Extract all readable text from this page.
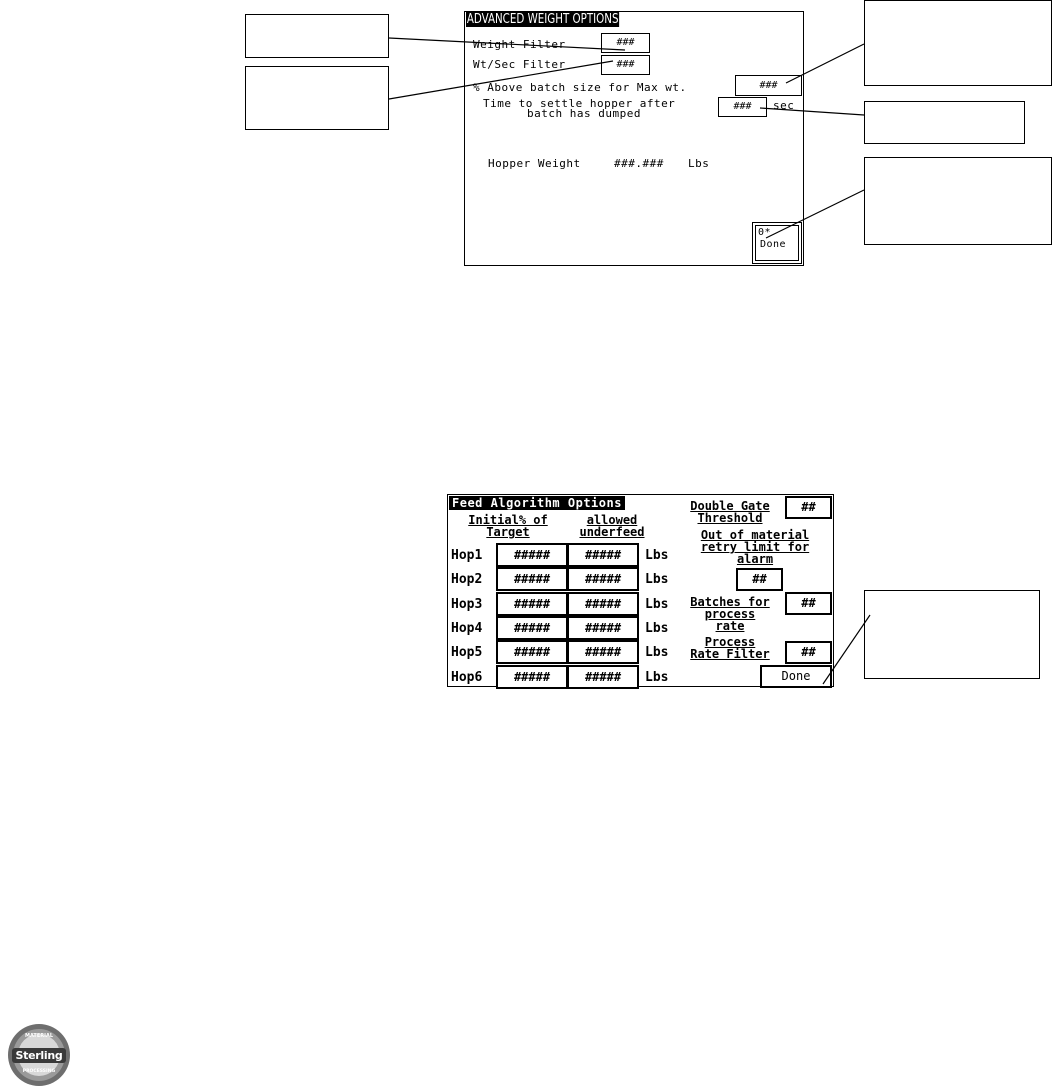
ADVANCED WEIGHT OPTIONS
Weight Filter	###
Wt/Sec Filter	###
% Above batch size for Max wt.	###
Time to settle hopper after
batch has dumped
###	sec
Hopper Weight	###.### Lbs
0*
Done
Feed Algorithm Options
Initial% of
Target
allowed
underfeed
Hop1	#####	#####	Lbs
Hop2	#####	#####	Lbs
Hop3	#####	#####	Lbs
Hop4	#####	#####	Lbs
Hop5	#####	#####	Lbs
Hop6	#####	#####	Lbs
Double Gate
Threshold
##
Out of material
retry limit for
alarm
##
Batches for
process
rate
##
Process
Rate Filter	##
Done
MATERIAL
Sterling
PROCESSING
